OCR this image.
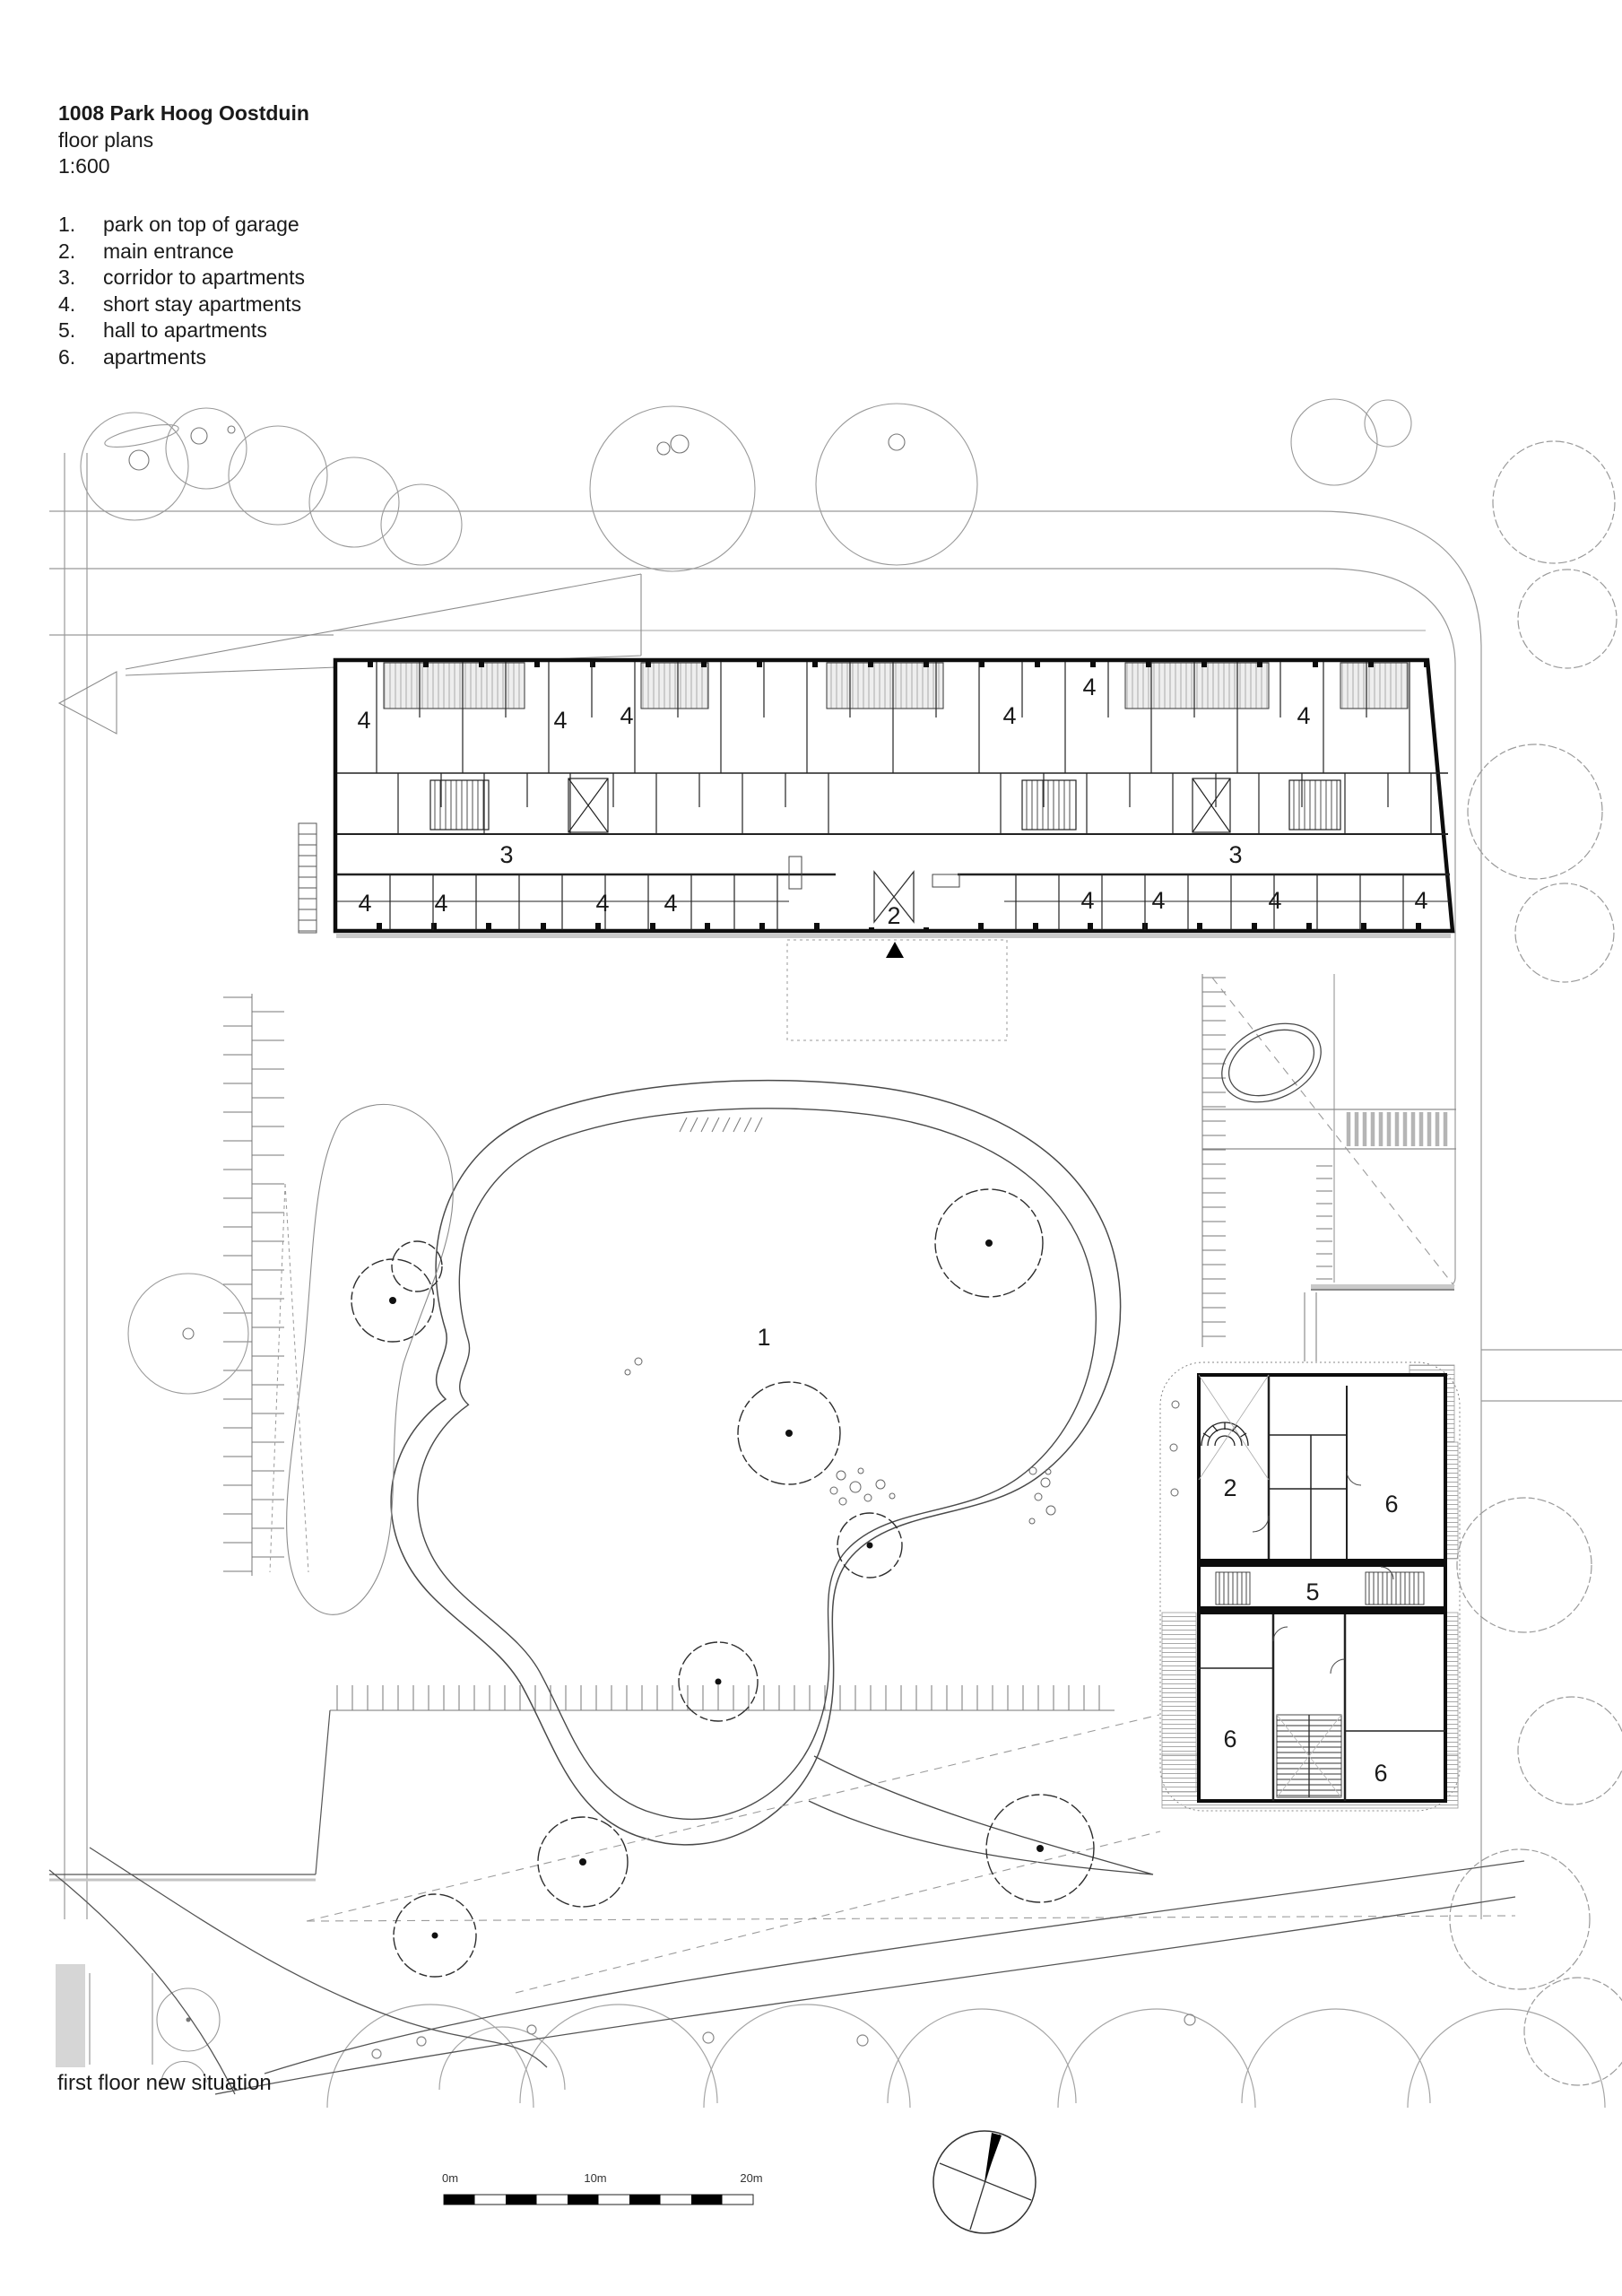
1008 Park Hoog Oostduin
floor plans
1:600
1.	park on top of garage
2.	main entrance
3.	corridor to apartments
4.	short stay apartments
5.	hall to apartments
6.	apartments
1
4	4 4	4
4
4
4	4	4 4	4 4	4	4
3	3
2
2
6
5
6
6
first floor new situation
0m	10m	20m
